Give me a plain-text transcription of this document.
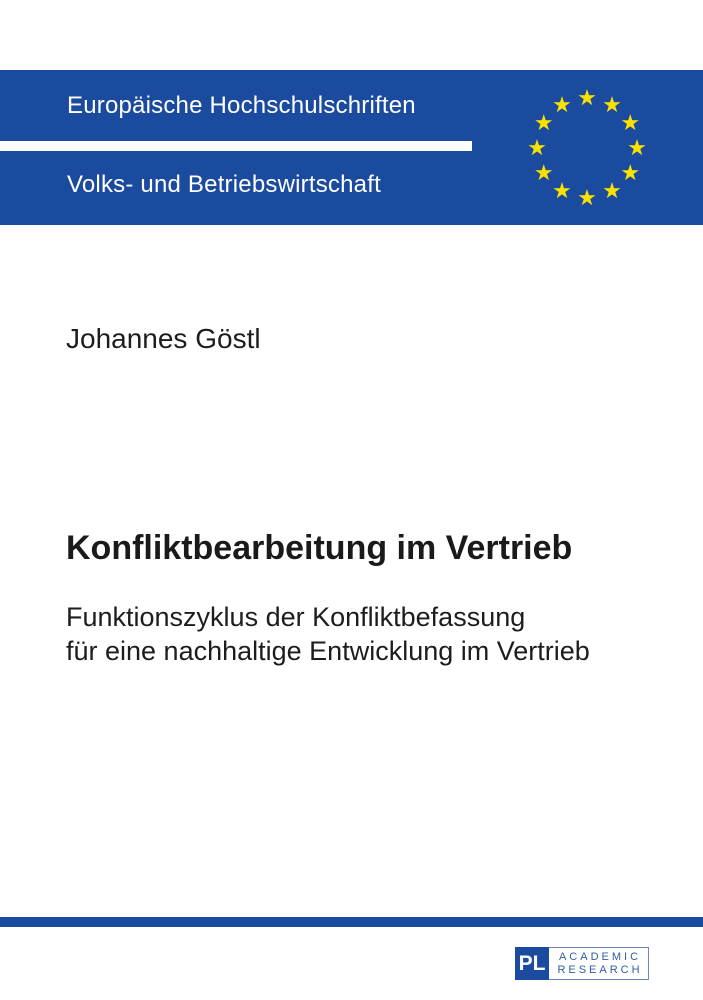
Europäische Hochschulschriften
Volks- und Betriebswirtschaft
★ ★
★
★
★
★
★
★
★
★
★
★
Johannes Göstl
Konfliktbearbeitung im Vertrieb
Funktionszyklus der Konfliktbefassung
für eine nachhaltige Entwicklung im Vertrieb
PL	ACADEMIC
RESEARCH
